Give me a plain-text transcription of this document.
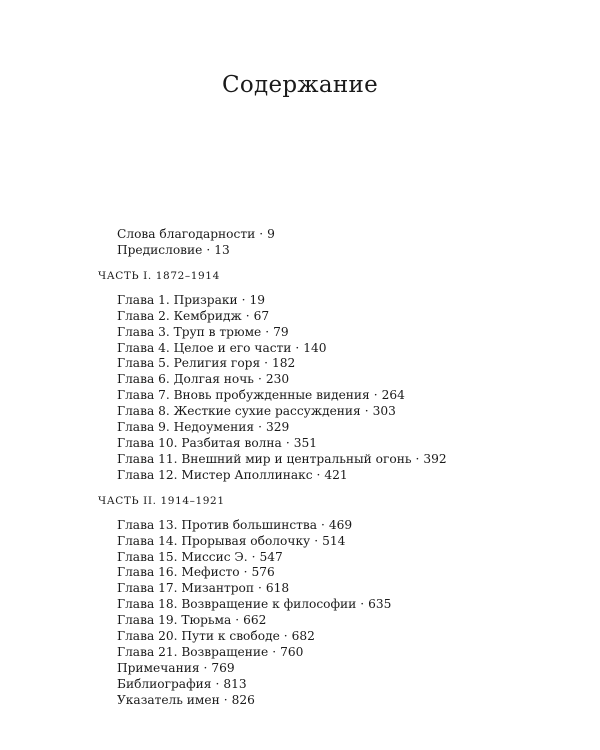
Содержание
Слова благодарности · 9
Предисловие · 13
ЧАСТЬ I. 1872–1914
Глава 1. Призраки · 19
Глава 2. Кембридж · 67
Глава 3. Труп в трюме · 79
Глава 4. Целое и его части · 140
Глава 5. Религия горя · 182
Глава 6. Долгая ночь · 230
Глава 7. Вновь пробужденные видения · 264
Глава 8. Жесткие сухие рассуждения · 303
Глава 9. Недоумения · 329
Глава 10. Разбитая волна · 351
Глава 11. Внешний мир и центральный огонь · 392
Глава 12. Мистер Аполлинакс · 421
ЧАСТЬ II. 1914–1921
Глава 13. Против большинства · 469
Глава 14. Прорывая оболочку · 514
Глава 15. Миссис Э. · 547
Глава 16. Мефисто · 576
Глава 17. Мизантроп · 618
Глава 18. Возвращение к философии · 635
Глава 19. Тюрьма · 662
Глава 20. Пути к свободе · 682
Глава 21. Возвращение · 760
Примечания · 769
Библиография · 813
Указатель имен · 826
